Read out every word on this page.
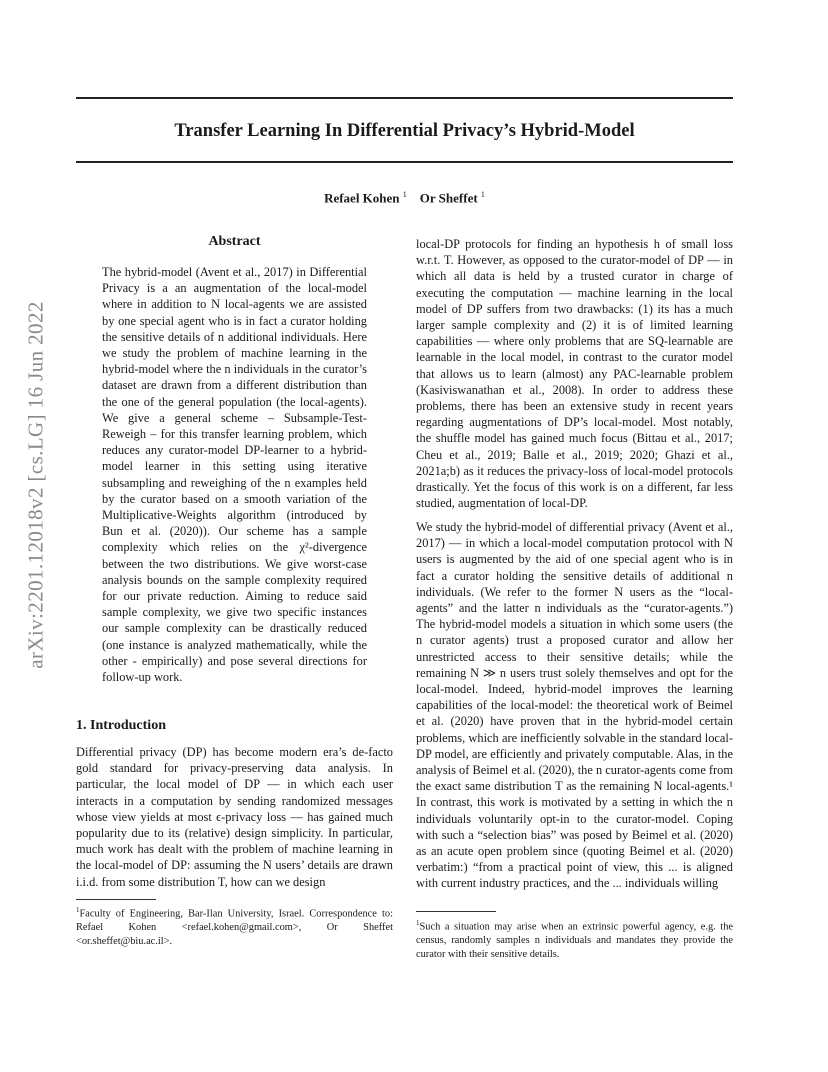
Transfer Learning In Differential Privacy’s Hybrid-Model
Refael Kohen $^1$ Or Sheffet $^1$
arXiv:2201.12018v2 [cs.LG] 16 Jun 2022
Abstract

The hybrid-model (Avent et al., 2017) in Differential Privacy is a an augmentation of the local-model where in addition to N local-agents we are assisted by one special agent who is in fact a curator holding the sensitive details of n additional individuals. Here we study the problem of machine learning in the hybrid-model where the n individuals in the curator’s dataset are drawn from a different distribution than the one of the general population (the local-agents). We give a general scheme – Subsample-Test-Reweigh – for this transfer learning problem, which reduces any curator-model DP-learner to a hybrid-model learner in this setting using iterative subsampling and reweighing of the n examples held by the curator based on a smooth variation of the Multiplicative-Weights algorithm (introduced by Bun et al. (2020)). Our scheme has a sample complexity which relies on the χ²-divergence between the two distributions. We give worst-case analysis bounds on the sample complexity required for our private reduction. Aiming to reduce said sample complexity, we give two specific instances our sample complexity can be drastically reduced (one instance is analyzed mathematically, while the other - empirically) and pose several directions for follow-up work.

1. Introduction

Differential privacy (DP) has become modern era’s de-facto gold standard for privacy-preserving data analysis. In particular, the local model of DP — in which each user interacts in a computation by sending randomized messages whose view yields at most ϵ-privacy loss — has gained much popularity due to its (relative) design simplicity. In particular, much work has dealt with the problem of machine learning in the local-model of DP: assuming the N users’ details are drawn i.i.d. from some distribution T, how can we design

$^1$Faculty of Engineering, Bar-Ilan University, Israel. Correspondence to: Refael Kohen <refael.kohen@gmail.com>, Or Sheffet <or.sheffet@biu.ac.il>.

local-DP protocols for finding an hypothesis h of small loss w.r.t. T. However, as opposed to the curator-model of DP — in which all data is held by a trusted curator in charge of executing the computation — machine learning in the local model of DP suffers from two drawbacks: (1) its has a much larger sample complexity and (2) it is of limited learning capabilities — where only problems that are SQ-learnable are learnable in the local model, in contrast to the curator model that allows us to learn (almost) any PAC-learnable problem (Kasiviswanathan et al., 2008). In order to address these problems, there has been an extensive study in recent years regarding augmentations of DP’s local-model. Most notably, the shuffle model has gained much focus (Bittau et al., 2017; Cheu et al., 2019; Balle et al., 2019; 2020; Ghazi et al., 2021a;b) as it reduces the privacy-loss of local-model protocols drastically. Yet the focus of this work is on a different, far less studied, augmentation of local-DP.

We study the hybrid-model of differential privacy (Avent et al., 2017) — in which a local-model computation protocol with N users is augmented by the aid of one special agent who is in fact a curator holding the sensitive details of additional n individuals. (We refer to the former N users as the “local-agents” and the latter n individuals as the “curator-agents.”) The hybrid-model models a situation in which some users (the n curator agents) trust a proposed curator and allow her unrestricted access to their sensitive details; while the remaining N ≫ n users trust solely themselves and opt for the local-model. Indeed, hybrid-model improves the learning capabilities of the local-model: the theoretical work of Beimel et al. (2020) have proven that in the hybrid-model certain problems, which are inefficiently solvable in the standard local-DP model, are efficiently and privately computable. Alas, in the analysis of Beimel et al. (2020), the n curator-agents come from the exact same distribution T as the remaining N local-agents.¹ In contrast, this work is motivated by a setting in which the n individuals voluntarily opt-in to the curator-model. Coping with such a “selection bias” was posed by Beimel et al. (2020) as an acute open problem since (quoting Beimel et al. (2020) verbatim:) “from a practical point of view, this ... is aligned with current industry practices, and the ... individuals willing

$^1$Such a situation may arise when an extrinsic powerful agency, e.g. the census, randomly samples n individuals and mandates they provide the curator with their sensitive details.
